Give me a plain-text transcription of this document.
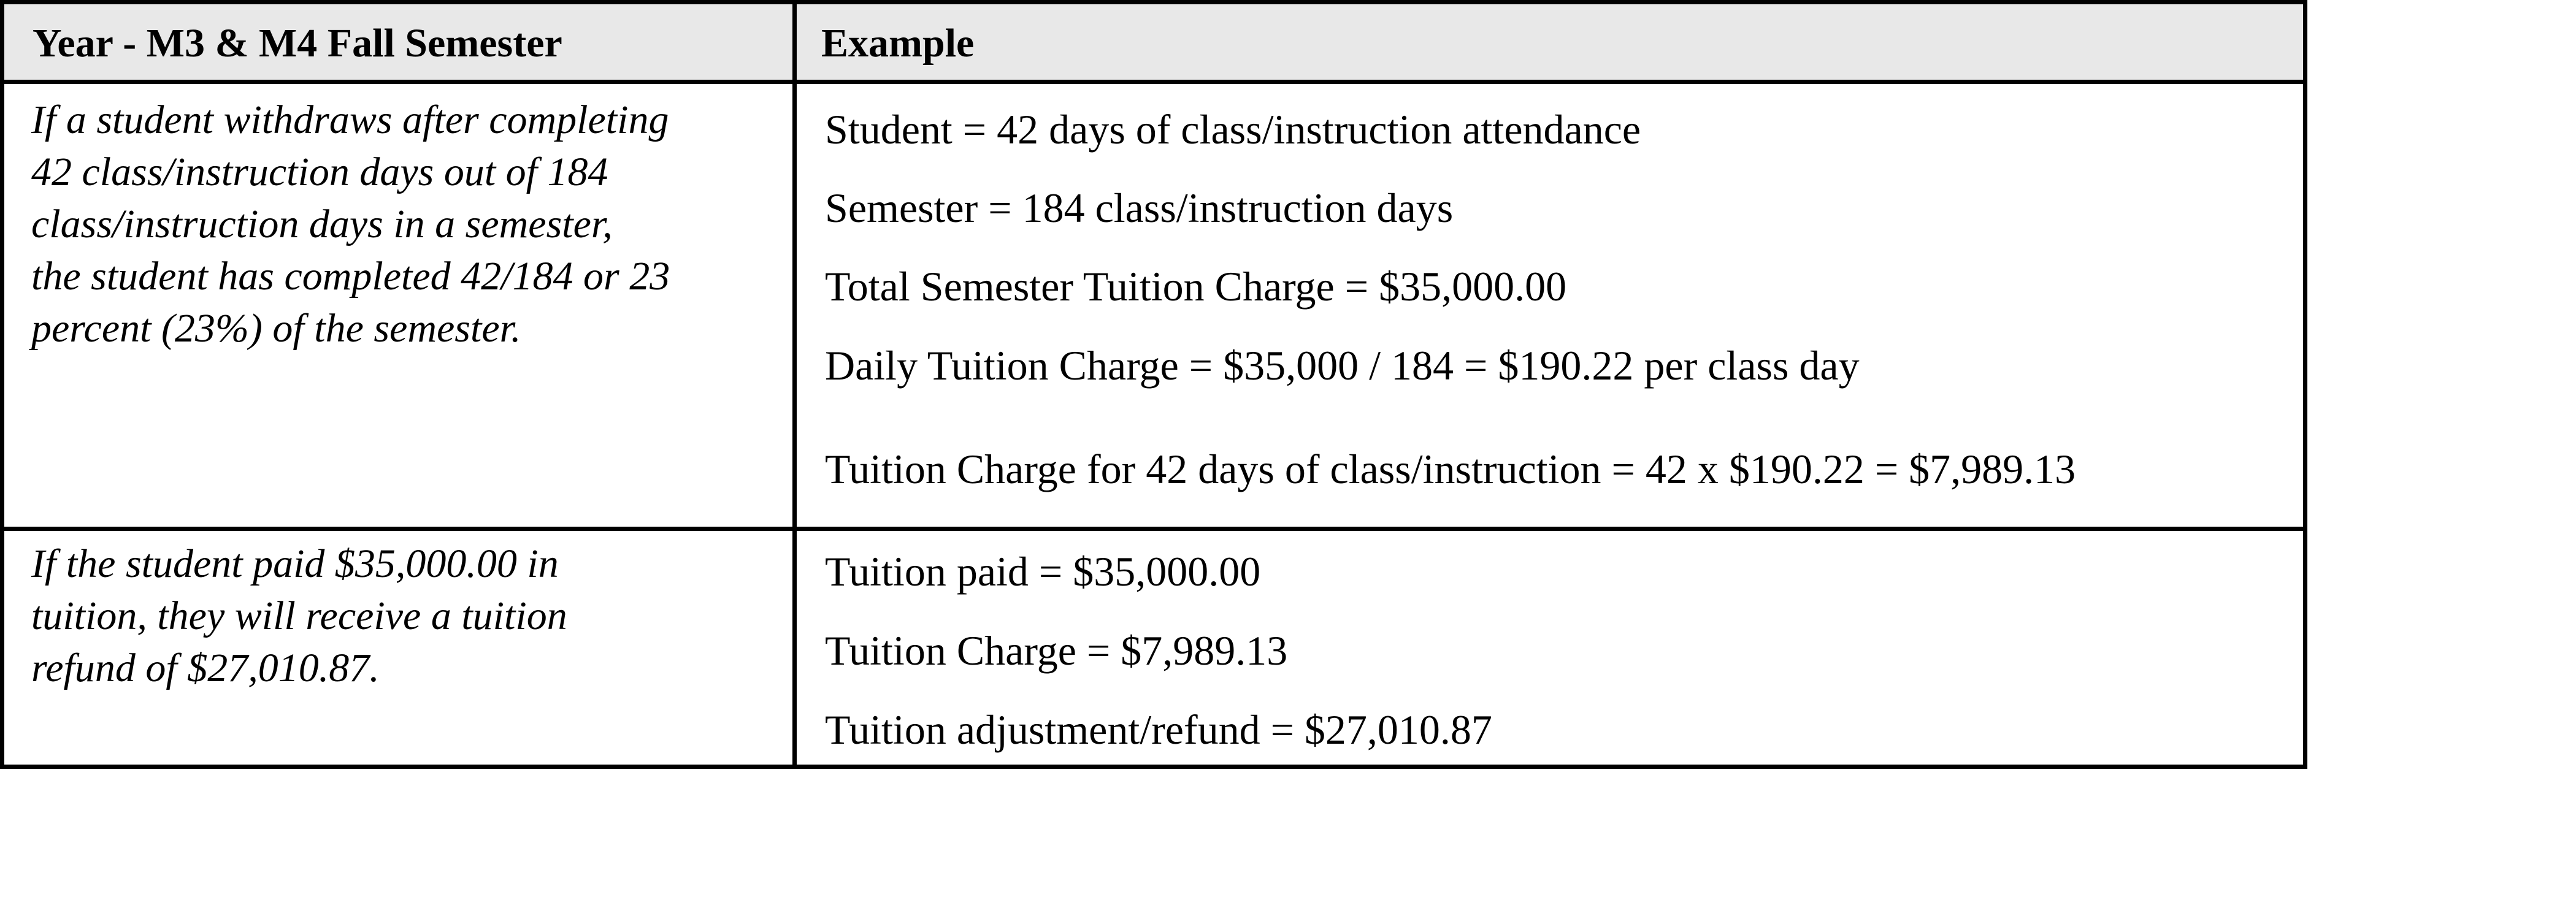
Year - M3 & M4 Fall Semester	Example

If a student withdraws after completing

42 class/instruction days out of 184

class/instruction days in a semester,

the student has completed 42/184 or 23

percent (23%) of the semester.

Student = 42 days of class/instruction attendance
Semester = 184 class/instruction days
Total Semester Tuition Charge = $35,000.00
Daily Tuition Charge = $35,000 / 184 = $190.22 per class day
Tuition Charge for 42 days of class/instruction = 42 x $190.22 = $7,989.13

If the student paid $35,000.00 in

tuition, they will receive a tuition

refund of $27,010.87.

Tuition paid = $35,000.00
Tuition Charge = $7,989.13
Tuition adjustment/refund = $27,010.87
